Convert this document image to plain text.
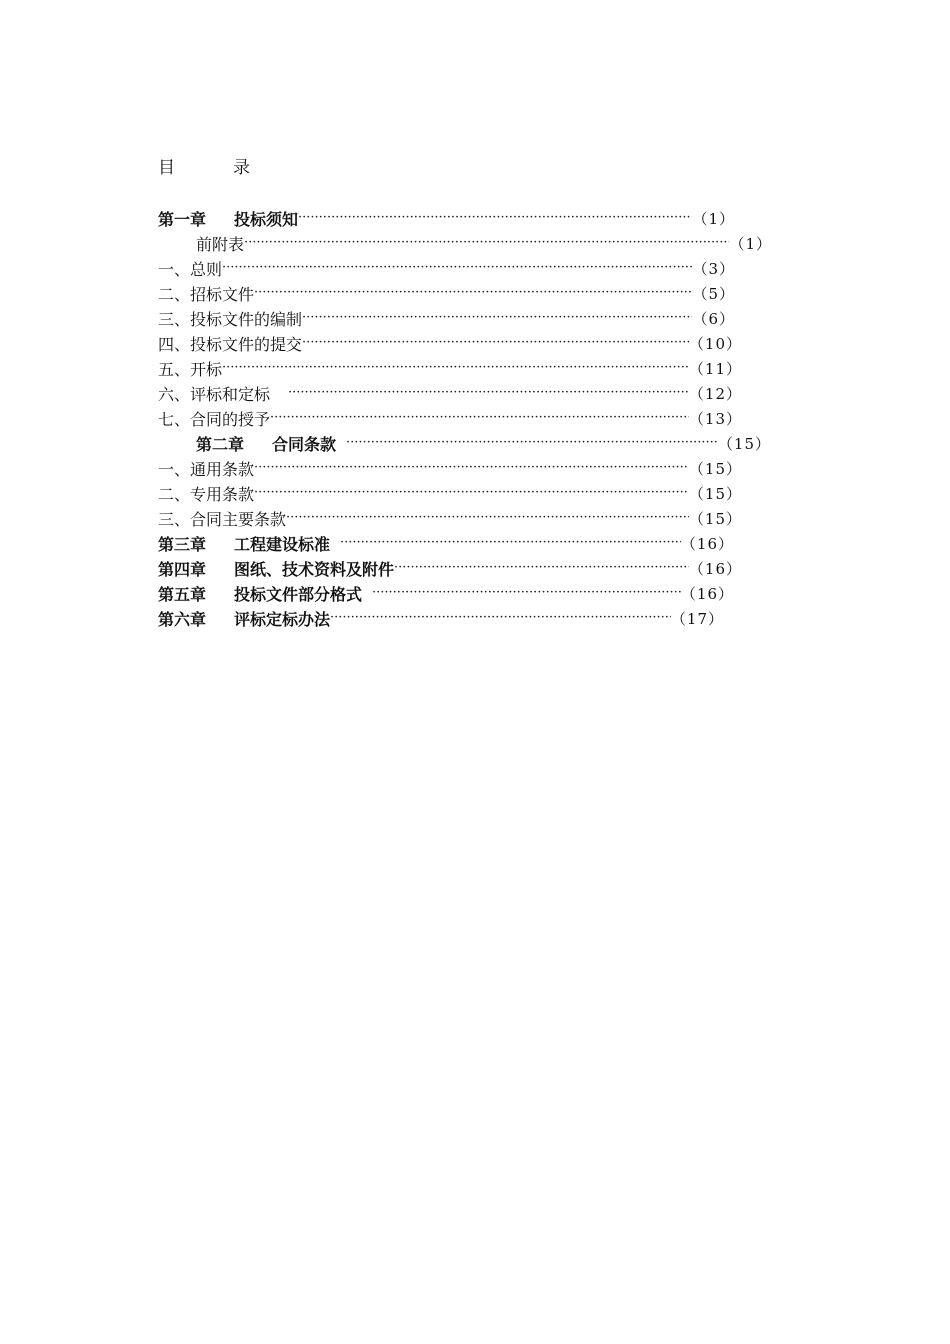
目	录
第一章 投标须知 ·····	（1）
前附表 ·····	（1）
一、总则 ·····	（3）
二、招标文件 ·····	（5）
三、投标文件的编制 ·····	（6）
四、投标文件的提交 ·····	（10）
五、开标 ·····	（11）
六、评标和定标 ·····	（12）
七、合同的授予 ·····	（13）
第二章 合同条款 ·····	（15）
一、通用条款 ·····	（15）
二、专用条款 ·····	（15）
三、合同主要条款 ·····	（15）
第三章 工程建设标准 ·····	（16）
第四章 图纸、技术资料及附件 ·····	（16）
第五章 投标文件部分格式 ·····	（16）
第六章 评标定标办法 ·····	（17）
